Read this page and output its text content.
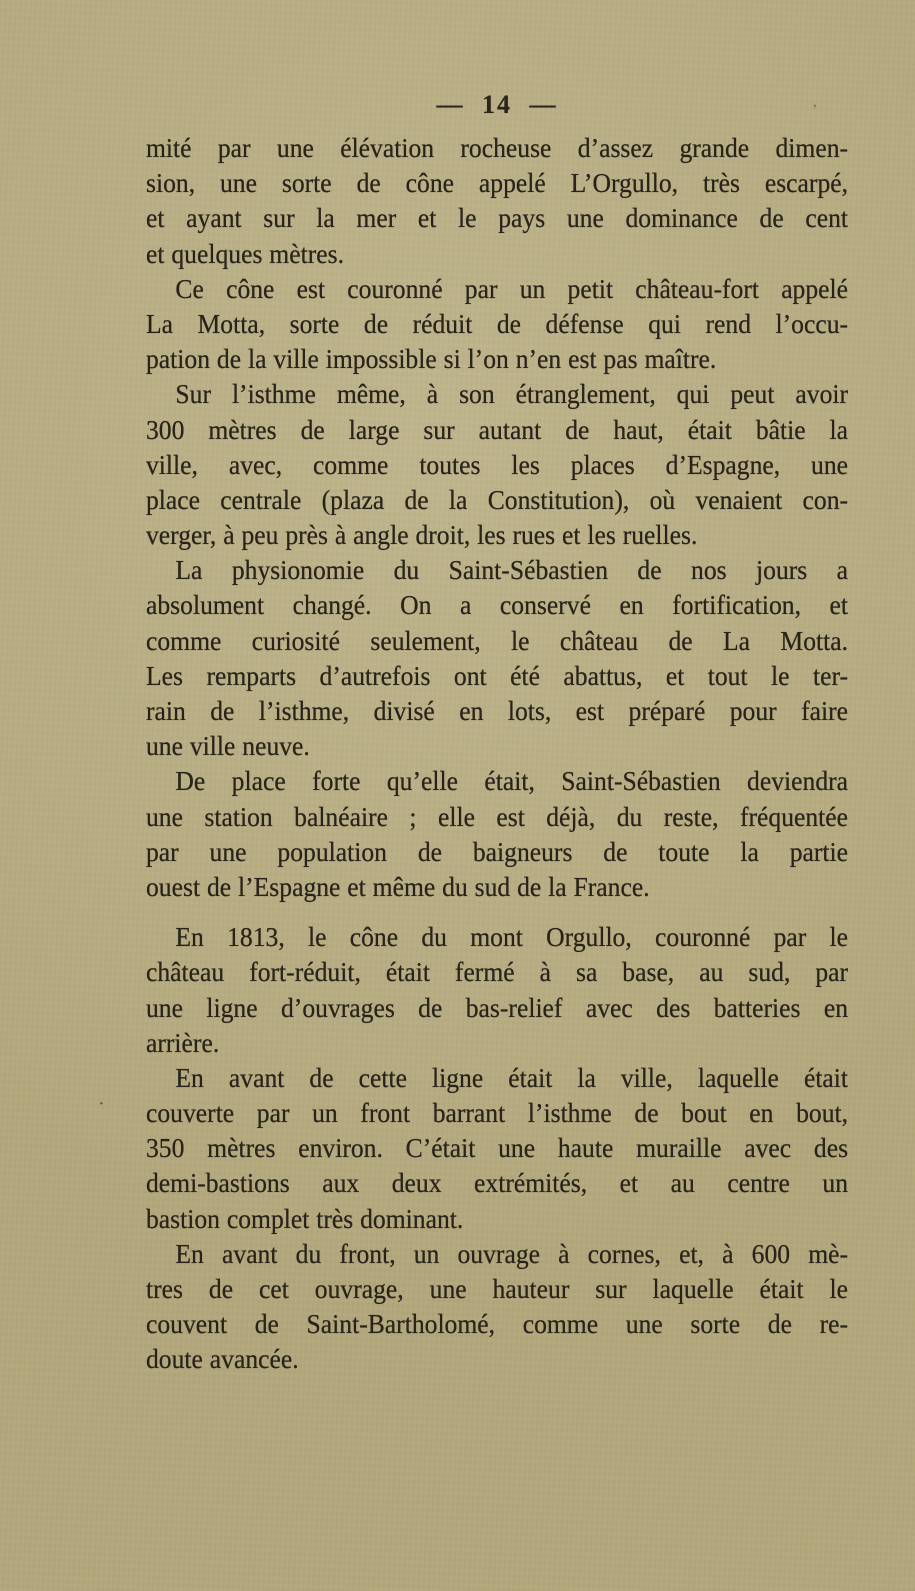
— 14 —	’
·
mité par une élévation rocheuse d’assez grande dimen-
sion, une sorte de cône appelé L’Orgullo, très escarpé,
et ayant sur la mer et le pays une dominance de cent
et quelques mètres.
Ce cône est couronné par un petit château-fort appelé
La Motta, sorte de réduit de défense qui rend l’occu-
pation de la ville impossible si l’on n’en est pas maître.
Sur l’isthme même, à son étranglement, qui peut avoir
300 mètres de large sur autant de haut, était bâtie la
ville, avec, comme toutes les places d’Espagne, une
place centrale (plaza de la Constitution), où venaient con-
verger, à peu près à angle droit, les rues et les ruelles.
La physionomie du Saint-Sébastien de nos jours a
absolument changé. On a conservé en fortification, et
comme curiosité seulement, le château de La Motta.
Les remparts d’autrefois ont été abattus, et tout le ter-
rain de l’isthme, divisé en lots, est préparé pour faire
une ville neuve.
De place forte qu’elle était, Saint-Sébastien deviendra
une station balnéaire ; elle est déjà, du reste, fréquentée
par une population de baigneurs de toute la partie
ouest de l’Espagne et même du sud de la France.
En 1813, le cône du mont Orgullo, couronné par le
château fort-réduit, était fermé à sa base, au sud, par
une ligne d’ouvrages de bas-relief avec des batteries en
arrière.
En avant de cette ligne était la ville, laquelle était
couverte par un front barrant l’isthme de bout en bout,
350 mètres environ. C’était une haute muraille avec des
demi-bastions aux deux extrémités, et au centre un
bastion complet très dominant.
En avant du front, un ouvrage à cornes, et, à 600 mè-
tres de cet ouvrage, une hauteur sur laquelle était le
couvent de Saint-Bartholomé, comme une sorte de re-
doute avancée.
